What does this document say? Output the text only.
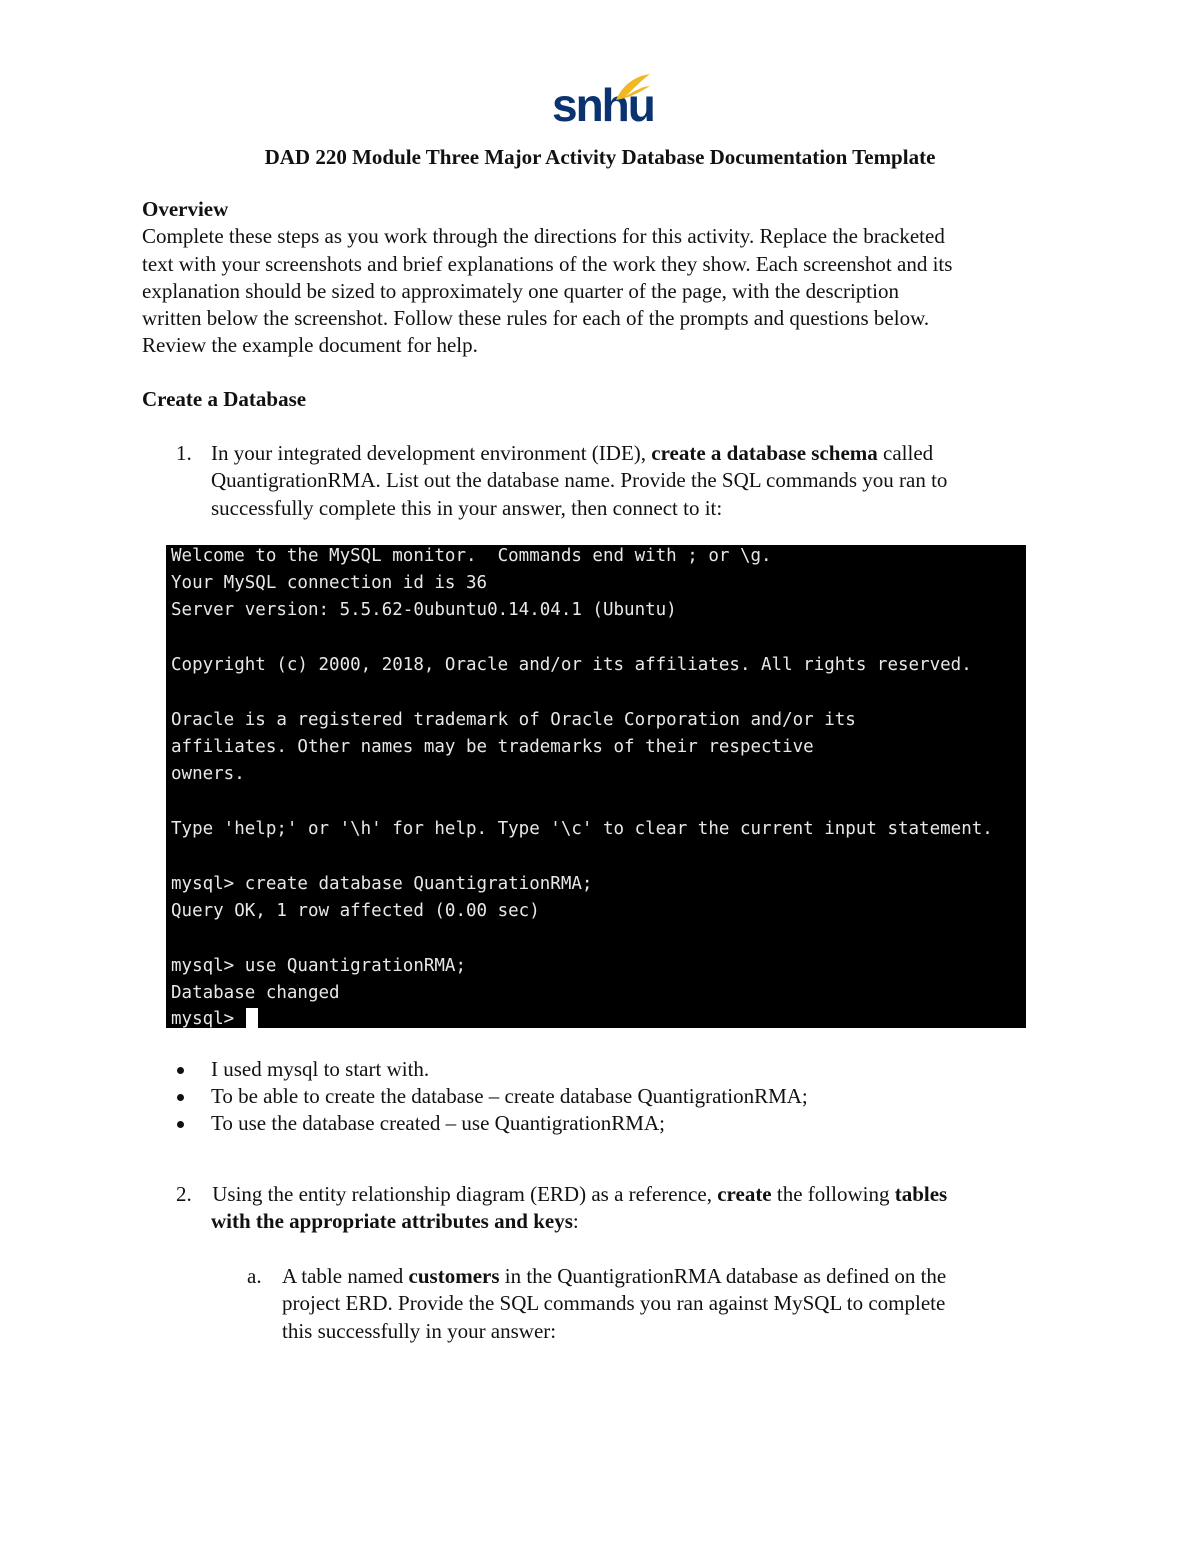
snhu
DAD 220 Module Three Major Activity Database Documentation Template
Overview
Complete these steps as you work through the directions for this activity. Replace the bracketed
text with your screenshots and brief explanations of the work they show. Each screenshot and its
explanation should be sized to approximately one quarter of the page, with the description
written below the screenshot. Follow these rules for each of the prompts and questions below.
Review the example document for help.
Create a Database
1. In your integrated development environment (IDE), create a database schema called
QuantigrationRMA. List out the database name. Provide the SQL commands you ran to
successfully complete this in your answer, then connect to it:
Welcome to the MySQL monitor.  Commands end with ; or \g.
Your MySQL connection id is 36
Server version: 5.5.62-0ubuntu0.14.04.1 (Ubuntu)
Copyright (c) 2000, 2018, Oracle and/or its affiliates. All rights reserved.
Oracle is a registered trademark of Oracle Corporation and/or its
affiliates. Other names may be trademarks of their respective
owners.
Type 'help;' or '\h' for help. Type '\c' to clear the current input statement.
mysql> create database QuantigrationRMA;
Query OK, 1 row affected (0.00 sec)
mysql> use QuantigrationRMA;
Database changed
mysql>
I used mysql to start with.
To be able to create the database – create database QuantigrationRMA;
To use the database created – use QuantigrationRMA;
2. Using the entity relationship diagram (ERD) as a reference, create the following tables
with the appropriate attributes and keys:
a. A table named customers in the QuantigrationRMA database as defined on the
project ERD. Provide the SQL commands you ran against MySQL to complete
this successfully in your answer:
